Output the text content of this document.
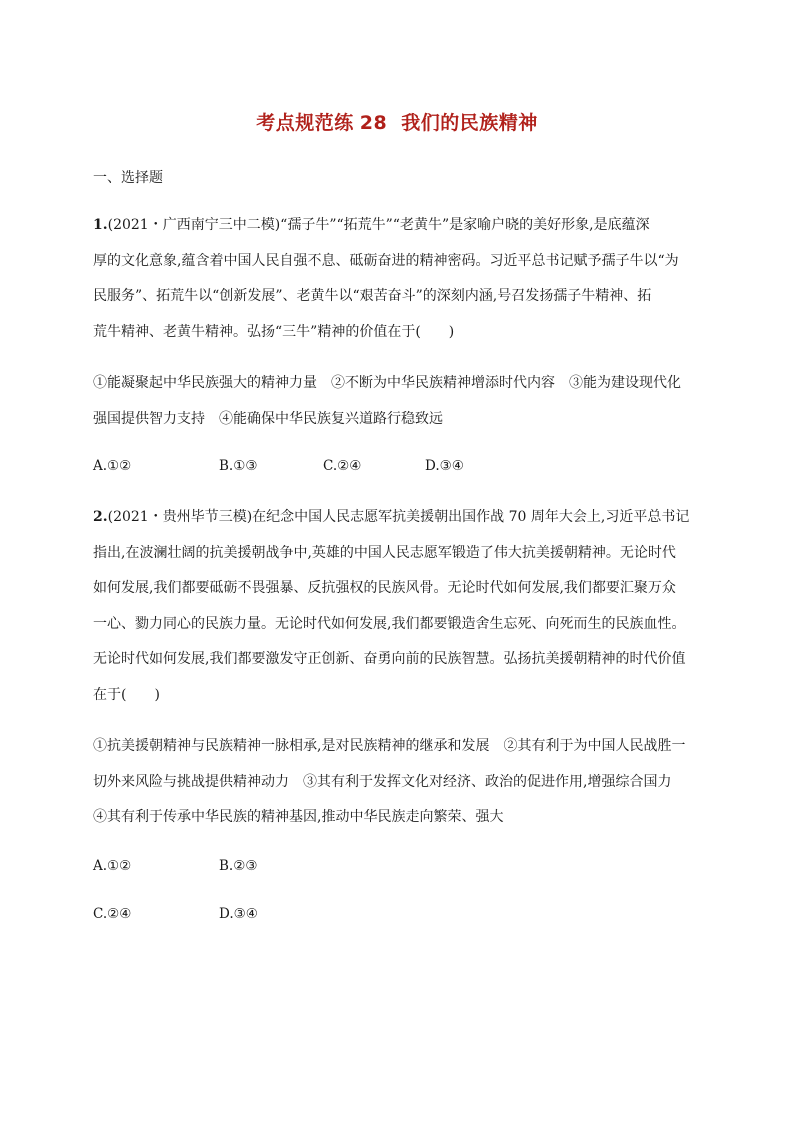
考点规范练 28 我们的民族精神
一、选择题
1.(2021・广西南宁三中二模)“孺子牛”“拓荒牛”“老黄牛”是家喻户晓的美好形象,是底蕴深
厚的文化意象,蕴含着中国人民自强不息、砥砺奋进的精神密码。习近平总书记赋予孺子牛以“为
民服务”、拓荒牛以“创新发展”、老黄牛以“艰苦奋斗”的深刻内涵,号召发扬孺子牛精神、拓
荒牛精神、老黄牛精神。弘扬“三牛”精神的价值在于(　　)
①能凝聚起中华民族强大的精神力量　②不断为中华民族精神增添时代内容　③能为建设现代化
强国提供智力支持　④能确保中华民族复兴道路行稳致远
A.①②	B.①③	C.②④	D.③④
2.(2021・贵州毕节三模)在纪念中国人民志愿军抗美援朝出国作战 70 周年大会上,习近平总书记
指出,在波澜壮阔的抗美援朝战争中,英雄的中国人民志愿军锻造了伟大抗美援朝精神。无论时代
如何发展,我们都要砥砺不畏强暴、反抗强权的民族风骨。无论时代如何发展,我们都要汇聚万众
一心、勠力同心的民族力量。无论时代如何发展,我们都要锻造舍生忘死、向死而生的民族血性。
无论时代如何发展,我们都要激发守正创新、奋勇向前的民族智慧。弘扬抗美援朝精神的时代价值
在于(　　)
①抗美援朝精神与民族精神一脉相承,是对民族精神的继承和发展　②其有利于为中国人民战胜一
切外来风险与挑战提供精神动力　③其有利于发挥文化对经济、政治的促进作用,增强综合国力
④其有利于传承中华民族的精神基因,推动中华民族走向繁荣、强大
A.①②	B.②③
C.②④	D.③④
